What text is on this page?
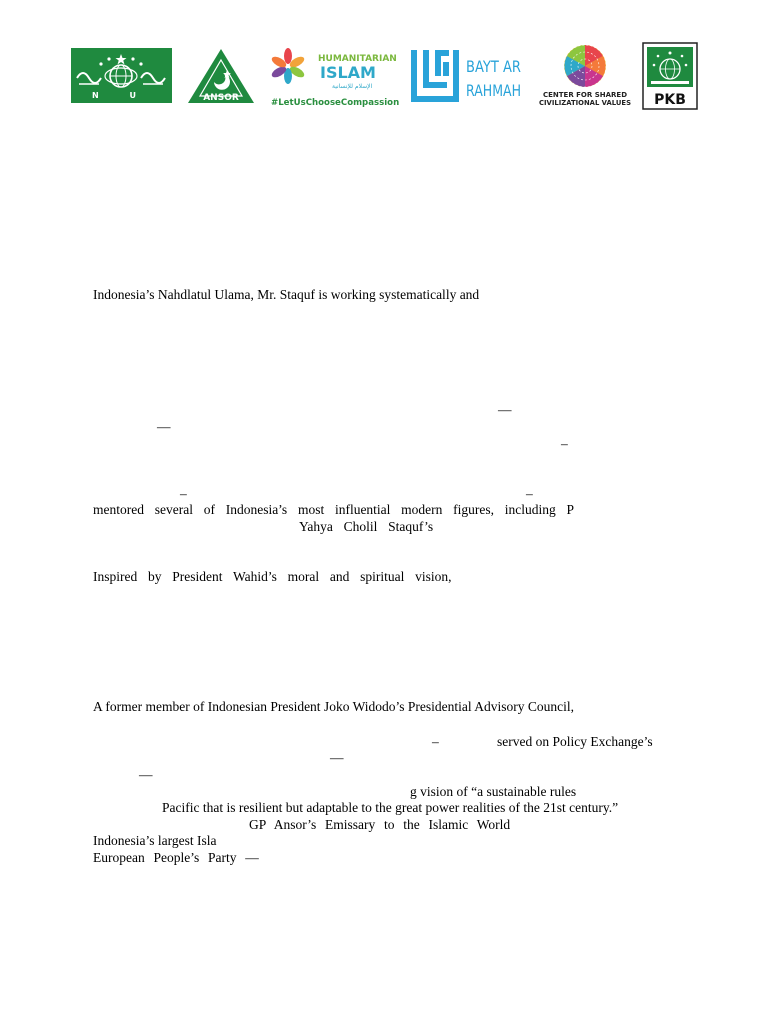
N U	ANSOR
HUMANITARIAN
ISLAM
الإسلام للإنسانية
#LetUsChooseCompassion
BAYT AR
RAHMAH	CENTER FOR SHARED
CIVILIZATIONAL VALUES PKB
Indonesia’s Nahdlatul Ulama, Mr. Staquf is working systematically and
—
—
–
–	–
mentored  several  of  Indonesia’s  most  influential  modern  figures,  including  P
Yahya  Cholil  Staquf’s
Inspired  by  President  Wahid’s  moral  and  spiritual  vision,
A former member of Indonesian President Joko Widodo’s Presidential Advisory Council,
–	served on Policy Exchange’s
—
—
g vision of “a sustainable rules
Pacific that is resilient but adaptable to the great power realities of the 21st century.”
GP  Ansor’s  Emissary  to  the  Islamic  World
Indonesia’s largest Isla
European  People’s  Party  —
